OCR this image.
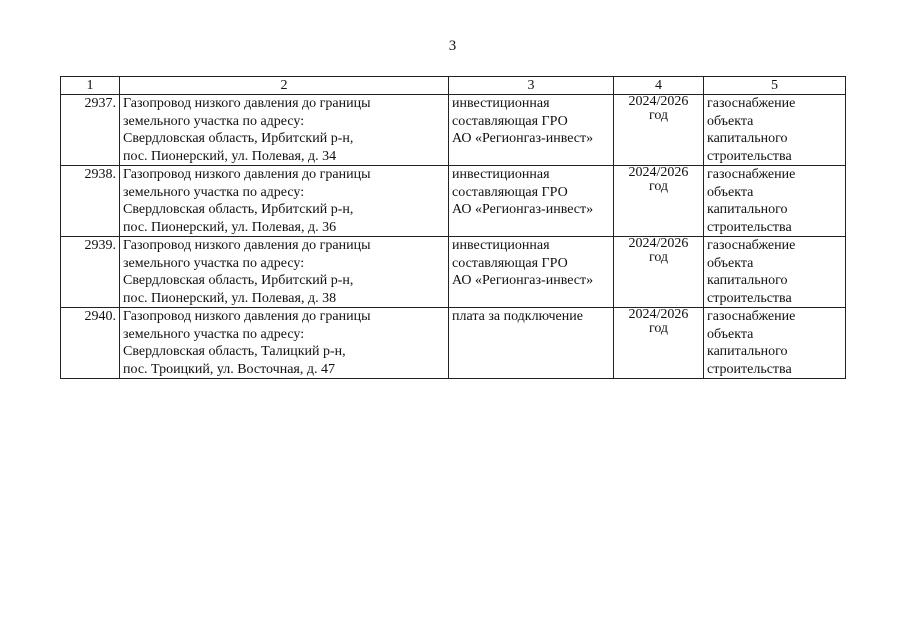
3
1	2	3	4	5
2937.	Газопровод низкого давления до границы
земельного участка по адресу:
Свердловская область, Ирбитский р-н,
пос. Пионерский, ул. Полевая, д. 34	инвестиционная
составляющая ГРО
АО «Регионгаз-инвест»	2024/2026
год	газоснабжение
объекта
капитального
строительства

2938.	Газопровод низкого давления до границы
земельного участка по адресу:
Свердловская область, Ирбитский р-н,
пос. Пионерский, ул. Полевая, д. 36	инвестиционная
составляющая ГРО
АО «Регионгаз-инвест»	2024/2026
год	газоснабжение
объекта
капитального
строительства

2939.	Газопровод низкого давления до границы
земельного участка по адресу:
Свердловская область, Ирбитский р-н,
пос. Пионерский, ул. Полевая, д. 38	инвестиционная
составляющая ГРО
АО «Регионгаз-инвест»	2024/2026
год	газоснабжение
объекта
капитального
строительства

2940.	Газопровод низкого давления до границы
земельного участка по адресу:
Свердловская область, Талицкий р-н,
пос. Троицкий, ул. Восточная, д. 47	плата за подключение	2024/2026
год	газоснабжение
объекта
капитального
строительства
